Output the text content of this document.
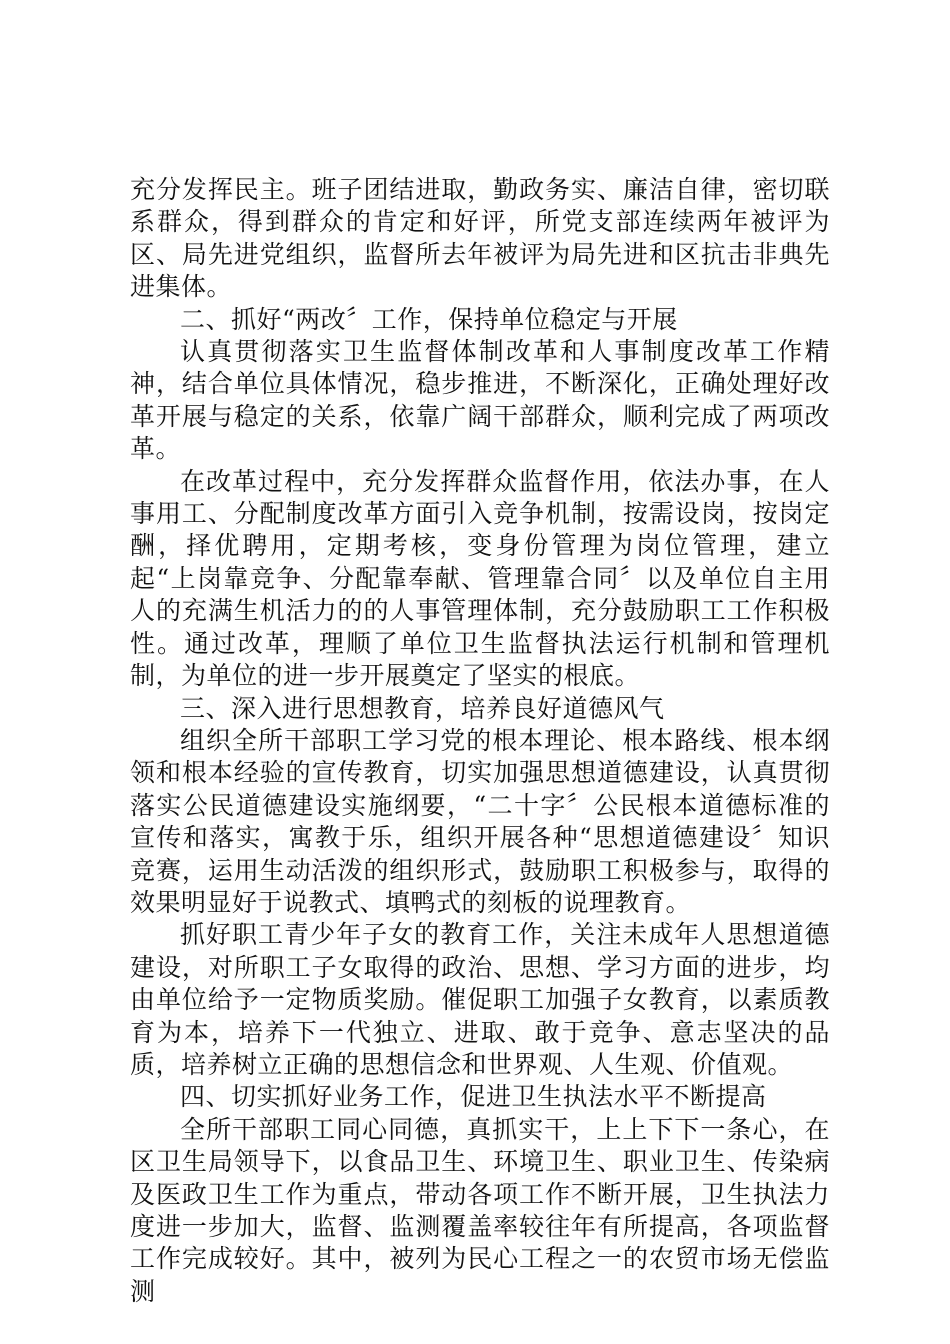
充分发挥民主。班子团结进取，勤政务实、廉洁自律，密切联系群众，得到群众的肯定和好评，所党支部连续两年被评为区、局先进党组织，监督所去年被评为局先进和区抗击非典先进集体。

二、抓好“两改〞工作，保持单位稳定与开展

认真贯彻落实卫生监督体制改革和人事制度改革工作精神，结合单位具体情况，稳步推进，不断深化，正确处理好改革开展与稳定的关系，依靠广阔干部群众，顺利完成了两项改革。

在改革过程中，充分发挥群众监督作用，依法办事，在人事用工、分配制度改革方面引入竞争机制，按需设岗，按岗定酬，择优聘用，定期考核，变身份管理为岗位管理，建立起“上岗靠竞争、分配靠奉献、管理靠合同〞以及单位自主用人的充满生机活力的的人事管理体制，充分鼓励职工工作积极性。通过改革，理顺了单位卫生监督执法运行机制和管理机制，为单位的进一步开展奠定了坚实的根底。

三、深入进行思想教育，培养良好道德风气

组织全所干部职工学习党的根本理论、根本路线、根本纲领和根本经验的宣传教育，切实加强思想道德建设，认真贯彻落实公民道德建设实施纲要，“二十字〞公民根本道德标准的宣传和落实，寓教于乐，组织开展各种“思想道德建设〞知识竞赛，运用生动活泼的组织形式，鼓励职工积极参与，取得的效果明显好于说教式、填鸭式的刻板的说理教育。

抓好职工青少年子女的教育工作，关注未成年人思想道德建设，对所职工子女取得的政治、思想、学习方面的进步，均由单位给予一定物质奖励。催促职工加强子女教育，以素质教育为本，培养下一代独立、进取、敢于竞争、意志坚决的品质，培养树立正确的思想信念和世界观、人生观、价值观。

四、切实抓好业务工作，促进卫生执法水平不断提高

全所干部职工同心同德，真抓实干，上上下下一条心，在区卫生局领导下，以食品卫生、环境卫生、职业卫生、传染病及医政卫生工作为重点，带动各项工作不断开展，卫生执法力度进一步加大，监督、监测覆盖率较往年有所提高，各项监督工作完成较好。其中，被列为民心工程之一的农贸市场无偿监测
